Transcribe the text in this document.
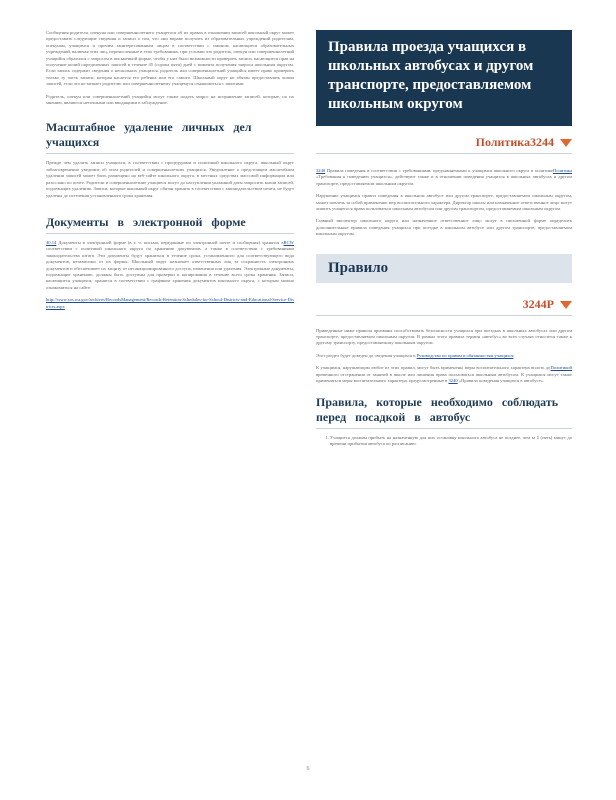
Сообщения родителя, опекуна или совершеннолетнего учащегося об их правах в отношении записей школьный округ может предоставить следующие сведения и записи о том, что они вправе получить из образовательных учреждений родителям, опекунам, учащимся и прочим заинтересованным лицам в соответствии с законом, касающиеся образовательных учреждений, включая этих лиц, перечисленные в этих требованиях, при условии что родитель, опекун или совершеннолетний учащийся обратился с запросом в письменной форме, чтобы у них было возможности проверить записи, касающиеся прав на получение копий определенных записей в течение 45 (сорока пяти) дней с момента получения запроса школьным округом. Если запись содержит сведения о нескольких учащихся, родитель или совершеннолетний учащийся имеет право проверить только ту часть записи, которая касается его ребенка или его самого. Школьный округ не обязан предоставлять копии записей, если это не мешает родителю или совершеннолетнему учащемуся ознакомиться с записями.

Родитель, опекун или совершеннолетний учащийся могут также подать запрос на исправление записей, которые, по их мнению, являются неточными или вводящими в заблуждение.

Масштабное удаление личных дел учащихся

Прежде чем удалить записи учащихся, в соответствии с процедурами и политикой школьного округа, школьный округ заблаговременно уведомит об этом родителей и совершеннолетних учащихся. Уведомление о предстоящем масштабном удалении записей может быть размещено на веб-сайте школьного округа, в местных средствах массовой информации или разослано по почте. Родители и совершеннолетние учащиеся могут до наступления указанной даты запросить копии записей, подлежащих удалению. Записи, которые школьный округ обязан хранить в соответствии с законодательством штата, не будут удалены до истечения установленного срока хранения.

Документы в электронной форме

RCW
40.14 Документы в электронной форме (в т. ч. письма, переданные по электронной почте и сообщения) хранятся в соответствии с политикой школьного округа по хранению документов, а также в соответствии с требованиями законодательства штата. Эти документы будут храниться в течение срока, установленного для соответствующего вида документов, независимо от их формы. Школьный округ назначает ответственных лиц за сохранность электронных документов и обеспечивает их защиту от несанкционированного доступа, изменения или удаления. Электронные документы, подлежащие хранению, должны быть доступны для проверки и копирования в течение всего срока хранения. Записи, касающиеся учащихся, хранятся в соответствии с графиком хранения документов школьного округа, с которым можно ознакомиться на сайте:

http://www.sos.wa.gov/archives/RecordsManagement/Records-Retention-Schedules-for-School-Districts-and-Educational-Service-Districts.aspx

Правила проезда учащихся в школьных автобусах и другом транспорте, предоставляемом школьным округом
Политика3244

Политика
3240 Правила поведения в соответствии с требованиями, предъявляемыми к учащимся школьного округа в политике «Требования к поведению учащихся», действуют также и в отношении поведения учащихся в школьных автобусах и другом транспорте, предоставляемом школьным округом.

Нарушение учащимся правил поведения в школьном автобусе или другом транспорте, предоставляемом школьным округом, может повлечь за собой применение мер воспитательного характера. Директор школы или назначенное ответственное лицо могут лишить учащегося права пользоваться школьным автобусом или другим транспортом, предоставляемым школьным округом.

Главный инспектор школьного округа или назначенное ответственное лицо могут в письменной форме определить дополнительные правила поведения учащихся при поездке в школьном автобусе или другом транспорте, предоставляемом школьным округом.

Правило
3244P

Приведенные ниже правила призваны способствовать безопасности учащихся при поездках в школьных автобусах или другом транспорте, предоставляемом школьным округом. В рамках этого правила термин «автобус» во всех случаях относится также к другому транспорту, предоставляемому школьным округом.

Этот раздел будет доведен до сведения учащихся в Руководство по правам и обязанностям учащихся

Политикой
К учащимся, нарушающим любое из этих правил, могут быть применены меры воспитательного характера вплоть до временного отстранения от занятий в школе или лишения права пользоваться школьным автобусом. К учащимся могут также применяться меры воспитательного характера, предусмотренные в 3240 «Правила поведения учащихся в автобусе».

Правила, которые необходимо соблюдать перед посадкой в автобус
1. Учащиеся должны прибыть на назначенную для них остановку школьного автобуса не позднее, чем за 5 (пять) минут до времени прибытия автобуса по расписанию.
6
